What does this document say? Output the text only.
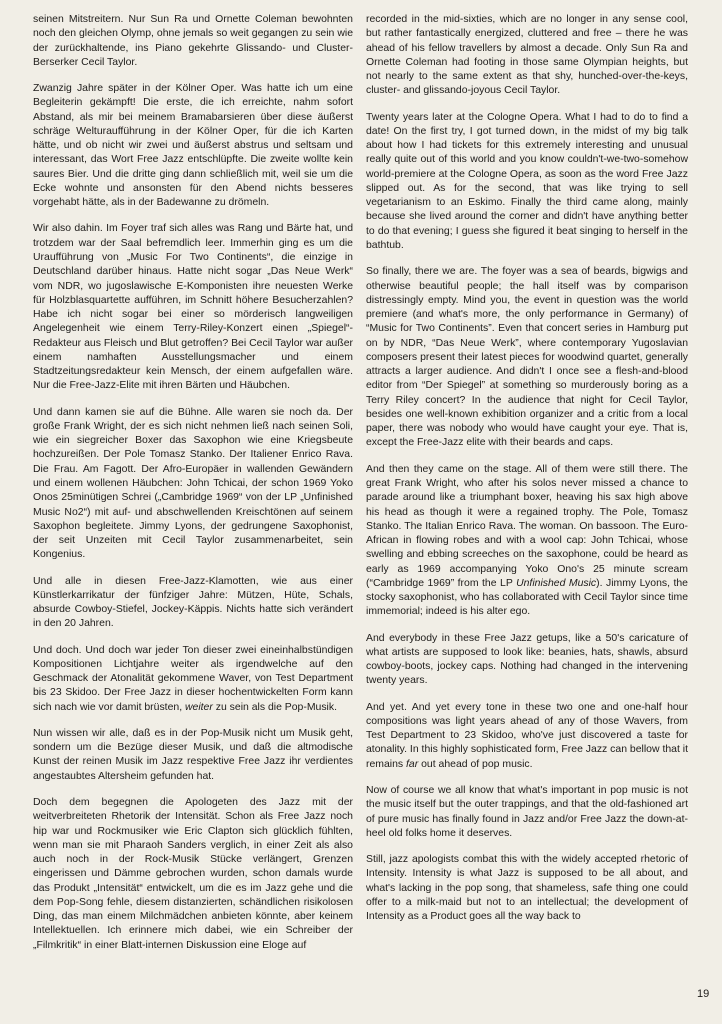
seinen Mitstreitern. Nur Sun Ra und Ornette Coleman bewohnten noch den gleichen Olymp, ohne jemals so weit gegangen zu sein wie der zurückhaltende, ins Piano gekehrte Glissando- und Cluster-Berserker Cecil Taylor.

Zwanzig Jahre später in der Kölner Oper. Was hatte ich um eine Begleiterin gekämpft! Die erste, die ich erreichte, nahm sofort Abstand, als mir bei meinem Bramabarsieren über diese äußerst schräge Welturaufführung in der Kölner Oper, für die ich Karten hätte, und ob nicht wir zwei und äußerst abstrus und seltsam und interessant, das Wort Free Jazz entschlüpfte. Die zweite wollte kein saures Bier. Und die dritte ging dann schließlich mit, weil sie um die Ecke wohnte und ansonsten für den Abend nichts besseres vorgehabt hätte, als in der Badewanne zu drömeln.

Wir also dahin. Im Foyer traf sich alles was Rang und Bärte hat, und trotzdem war der Saal befremdlich leer. Immerhin ging es um die Uraufführung von „Music For Two Continents“, die einzige in Deutschland darüber hinaus. Hatte nicht sogar „Das Neue Werk“ vom NDR, wo jugoslawische E-Komponisten ihre neuesten Werke für Holzblasquartette aufführen, im Schnitt höhere Besucherzahlen? Habe ich nicht sogar bei einer so mörderisch langweiligen Angelegenheit wie einem Terry-Riley-Konzert einen „Spiegel“-Redakteur aus Fleisch und Blut getroffen? Bei Cecil Taylor war außer einem namhaften Ausstellungsmacher und einem Stadtzeitungsredakteur kein Mensch, der einem aufgefallen wäre. Nur die Free-Jazz-Elite mit ihren Bärten und Häubchen.

Und dann kamen sie auf die Bühne. Alle waren sie noch da. Der große Frank Wright, der es sich nicht nehmen ließ nach seinen Soli, wie ein siegreicher Boxer das Saxophon wie eine Kriegsbeute hochzureißen. Der Pole Tomasz Stanko. Der Italiener Enrico Rava. Die Frau. Am Fagott. Der Afro-Europäer in wallenden Gewändern und einem wollenen Häubchen: John Tchicai, der schon 1969 Yoko Onos 25minütigen Schrei („Cambridge 1969“ von der LP „Unfinished Music No2“) mit auf- und abschwellenden Kreischtönen auf seinem Saxophon begleitete. Jimmy Lyons, der gedrungene Saxophonist, der seit Unzeiten mit Cecil Taylor zusammenarbeitet, sein Kongenius.

Und alle in diesen Free-Jazz-Klamotten, wie aus einer Künstlerkarrikatur der fünfziger Jahre: Mützen, Hüte, Schals, absurde Cowboy-Stiefel, Jockey-Käppis. Nichts hatte sich verändert in den 20 Jahren.

Und doch. Und doch war jeder Ton dieser zwei eineinhalbstündigen Kompositionen Lichtjahre weiter als irgendwelche auf den Geschmack der Atonalität gekommene Waver, von Test Department bis 23 Skidoo. Der Free Jazz in dieser hochentwickelten Form kann sich nach wie vor damit brüsten, weiter zu sein als die Pop-Musik.

Nun wissen wir alle, daß es in der Pop-Musik nicht um Musik geht, sondern um die Bezüge dieser Musik, und daß die altmodische Kunst der reinen Musik im Jazz respektive Free Jazz ihr verdientes angestaubtes Altersheim gefunden hat.

Doch dem begegnen die Apologeten des Jazz mit der weitverbreiteten Rhetorik der Intensität. Schon als Free Jazz noch hip war und Rockmusiker wie Eric Clapton sich glücklich fühlten, wenn man sie mit Pharaoh Sanders verglich, in einer Zeit als also auch noch in der Rock-Musik Stücke verlängert, Grenzen eingerissen und Dämme gebrochen wurden, schon damals wurde das Produkt „Intensität“ entwickelt, um die es im Jazz gehe und die dem Pop-Song fehle, diesem distanzierten, schändlichen risikolosen Ding, das man einem Milchmädchen anbieten könnte, aber keinem Intellektuellen. Ich erinnere mich dabei, wie ein Schreiber der „Filmkritik“ in einer Blatt-internen Diskussion eine Eloge auf

recorded in the mid-sixties, which are no longer in any sense cool, but rather fantastically energized, cluttered and free – there he was ahead of his fellow travellers by almost a decade. Only Sun Ra and Ornette Coleman had footing in those same Olympian heights, but not nearly to the same extent as that shy, hunched-over-the-keys, cluster- and glissando-joyous Cecil Taylor.

Twenty years later at the Cologne Opera. What I had to do to find a date! On the first try, I got turned down, in the midst of my big talk about how I had tickets for this extremely interesting and unusual really quite out of this world and you know couldn't-we-two-somehow world-premiere at the Cologne Opera, as soon as the word Free Jazz slipped out. As for the second, that was like trying to sell vegetarianism to an Eskimo. Finally the third came along, mainly because she lived around the corner and didn't have anything better to do that evening; I guess she figured it beat singing to herself in the bathtub.

So finally, there we are. The foyer was a sea of beards, bigwigs and otherwise beautiful people; the hall itself was by comparison distressingly empty. Mind you, the event in question was the world premiere (and what's more, the only performance in Germany) of “Music for Two Continents”. Even that concert series in Hamburg put on by NDR, “Das Neue Werk”, where contemporary Yugoslavian composers present their latest pieces for woodwind quartet, generally attracts a larger audience. And didn't I once see a flesh-and-blood editor from “Der Spiegel” at something so murderously boring as a Terry Riley concert? In the audience that night for Cecil Taylor, besides one well-known exhibition organizer and a critic from a local paper, there was nobody who would have caught your eye. That is, except the Free-Jazz elite with their beards and caps.

And then they came on the stage. All of them were still there. The great Frank Wright, who after his solos never missed a chance to parade around like a triumphant boxer, heaving his sax high above his head as though it were a regained trophy. The Pole, Tomasz Stanko. The Italian Enrico Rava. The woman. On bassoon. The Euro-African in flowing robes and with a wool cap: John Tchicai, whose swelling and ebbing screeches on the saxophone, could be heard as early as 1969 accompanying Yoko Ono's 25 minute scream (“Cambridge 1969” from the LP Unfinished Music). Jimmy Lyons, the stocky saxophonist, who has collaborated with Cecil Taylor since time immemorial; indeed is his alter ego.

And everybody in these Free Jazz getups, like a 50's caricature of what artists are supposed to look like: beanies, hats, shawls, absurd cowboy-boots, jockey caps. Nothing had changed in the intervening twenty years.

And yet. And yet every tone in these two one and one-half hour compositions was light years ahead of any of those Wavers, from Test Department to 23 Skidoo, who've just discovered a taste for atonality. In this highly sophisticated form, Free Jazz can bellow that it remains far out ahead of pop music.

Now of course we all know that what's important in pop music is not the music itself but the outer trappings, and that the old-fashioned art of pure music has finally found in Jazz and/or Free Jazz the down-at-heel old folks home it deserves.

Still, jazz apologists combat this with the widely accepted rhetoric of Intensity. Intensity is what Jazz is supposed to be all about, and what's lacking in the pop song, that shameless, safe thing one could offer to a milk-maid but not to an intellectual; the development of Intensity as a Product goes all the way back to

19
